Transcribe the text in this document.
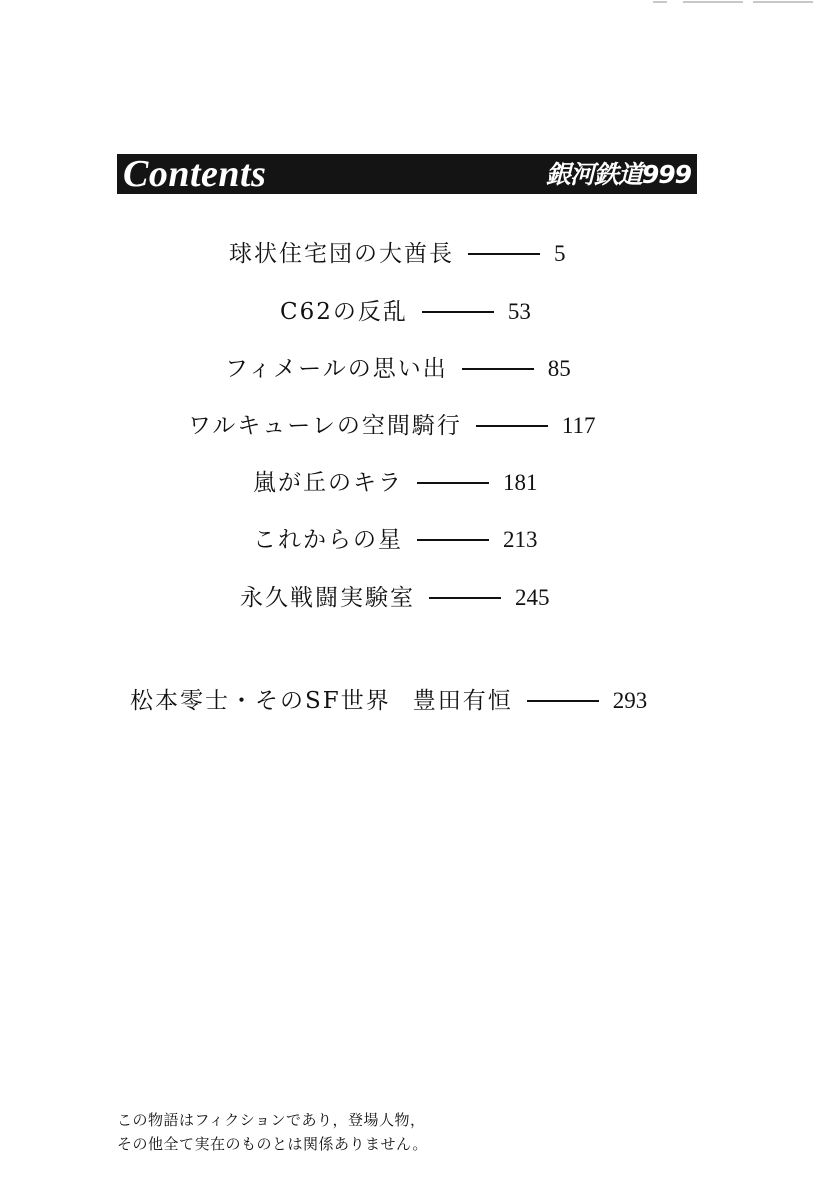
Contents	銀河鉄道999
球状住宅団の大酋長	5
C62の反乱	53
フィメールの思い出	85
ワルキューレの空間騎行	117
嵐が丘のキラ	181
これからの星	213
永久戦闘実験室	245
松本零士・そのSF世界 豊田有恒	293
この物語はフィクションであり，登場人物，
その他全て実在のものとは関係ありません。
